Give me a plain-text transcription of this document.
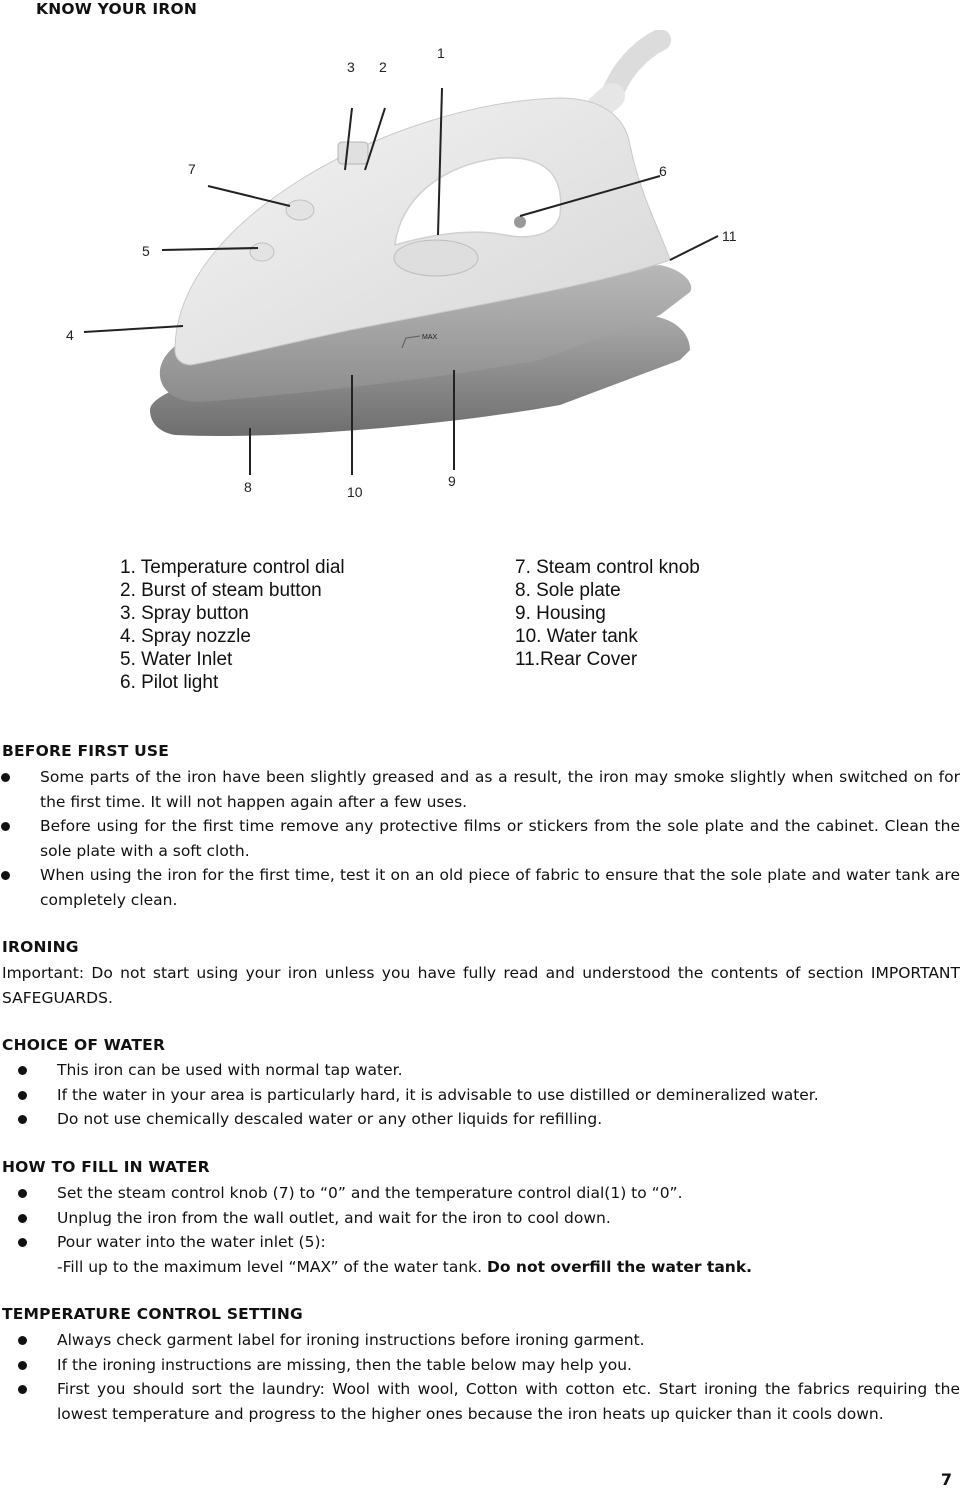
KNOW YOUR IRON
MAX
1
2
3
4
5
6
7
8	9
10
11
1. Temperature control dial
2. Burst of steam button
3. Spray button
4. Spray nozzle
5. Water Inlet
6. Pilot light
7. Steam control knob
8. Sole plate
9. Housing
10. Water tank
11.Rear Cover
BEFORE FIRST USE
Some parts of the iron have been slightly greased and as a result, the iron may smoke slightly when switched on for the first time. It will not happen again after a few uses.
Before using for the first time remove any protective films or stickers from the sole plate and the cabinet. Clean the sole plate with a soft cloth.
When using the iron for the first time, test it on an old piece of fabric to ensure that the sole plate and water tank are completely clean.
IRONING
Important: Do not start using your iron unless you have fully read and understood the contents of section IMPORTANT SAFEGUARDS.
CHOICE OF WATER
This iron can be used with normal tap water.
If the water in your area is particularly hard, it is advisable to use distilled or demineralized water.
Do not use chemically descaled water or any other liquids for refilling.
HOW TO FILL IN WATER
Set the steam control knob (7) to “0” and the temperature control dial(1) to “0”.
Unplug the iron from the wall outlet, and wait for the iron to cool down.
Pour water into the water inlet (5):
-Fill up to the maximum level “MAX” of the water tank. Do not overfill the water tank.
TEMPERATURE CONTROL SETTING
Always check garment label for ironing instructions before ironing garment.
If the ironing instructions are missing, then the table below may help you.
First you should sort the laundry: Wool with wool, Cotton with cotton etc. Start ironing the fabrics requiring the lowest temperature and progress to the higher ones because the iron heats up quicker than it cools down.
7
